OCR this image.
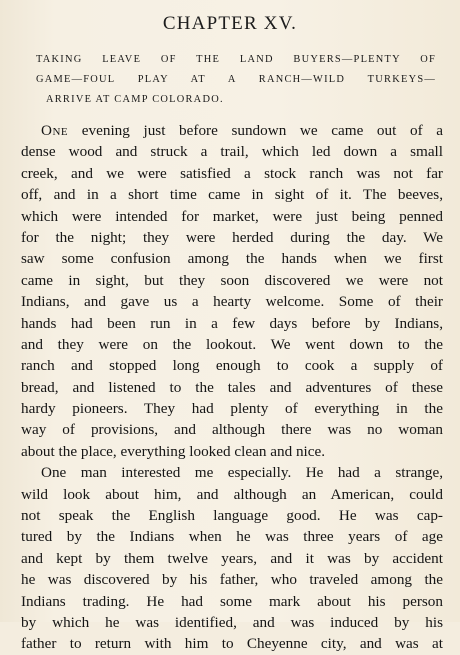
CHAPTER XV.
TAKING LEAVE OF THE LAND BUYERS—PLENTY OF
GAME—FOUL PLAY AT A RANCH—WILD TURKEYS—
ARRIVE AT CAMP COLORADO.
One evening just before sundown we came out of a
dense wood and struck a trail, which led down a small
creek, and we were satisfied a stock ranch was not far
off, and in a short time came in sight of it. The beeves,
which were intended for market, were just being penned
for the night; they were herded during the day. We
saw some confusion among the hands when we first
came in sight, but they soon discovered we were not
Indians, and gave us a hearty welcome. Some of their
hands had been run in a few days before by Indians,
and they were on the lookout. We went down to the
ranch and stopped long enough to cook a supply of
bread, and listened to the tales and adventures of these
hardy pioneers. They had plenty of everything in the
way of provisions, and although there was no woman
about the place, everything looked clean and nice.
One man interested me especially. He had a strange,
wild look about him, and although an American, could
not speak the English language good. He was cap-
tured by the Indians when he was three years of age
and kept by them twelve years, and it was by accident
he was discovered by his father, who traveled among the
Indians trading. He had some mark about his person
by which he was identified, and was induced by his
father to return with him to Cheyenne city, and was at
